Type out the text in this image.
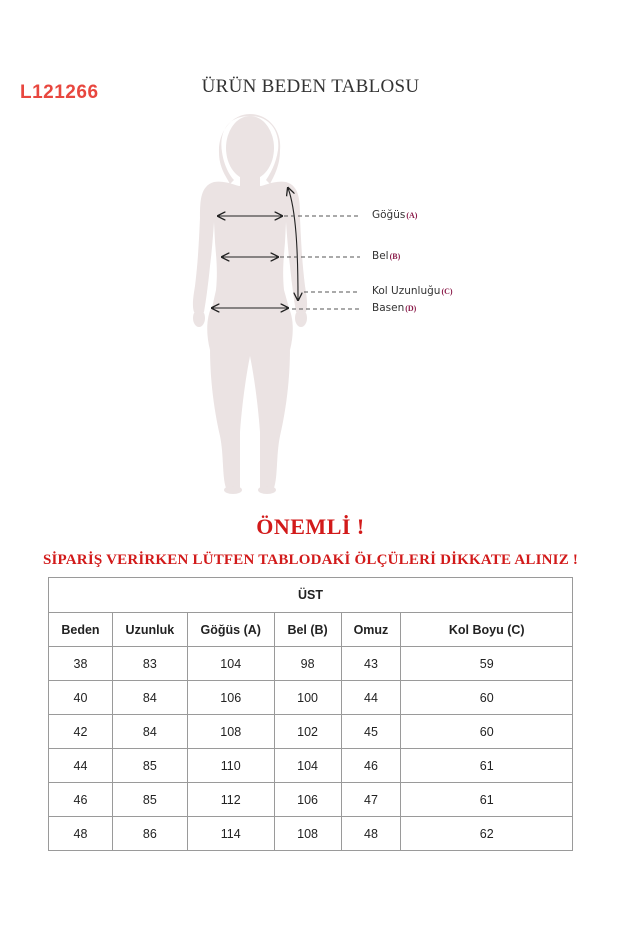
L121266	ÜRÜN BEDEN TABLOSU
Göğüs(A)
Bel(B)
Kol Uzunluğu(C)
Basen(D)
ÖNEMLİ !
SİPARİŞ VERİRKEN LÜTFEN TABLODAKİ ÖLÇÜLERİ DİKKATE ALINIZ !
ÜST					
Beden	Uzunluk	Göğüs (A)	Bel (B)	Omuz	Kol Boyu (C)
38	83	104	98	43	59
40	84	106	100	44	60
42	84	108	102	45	60
44	85	110	104	46	61
46	85	112	106	47	61
48	86	114	108	48	62
